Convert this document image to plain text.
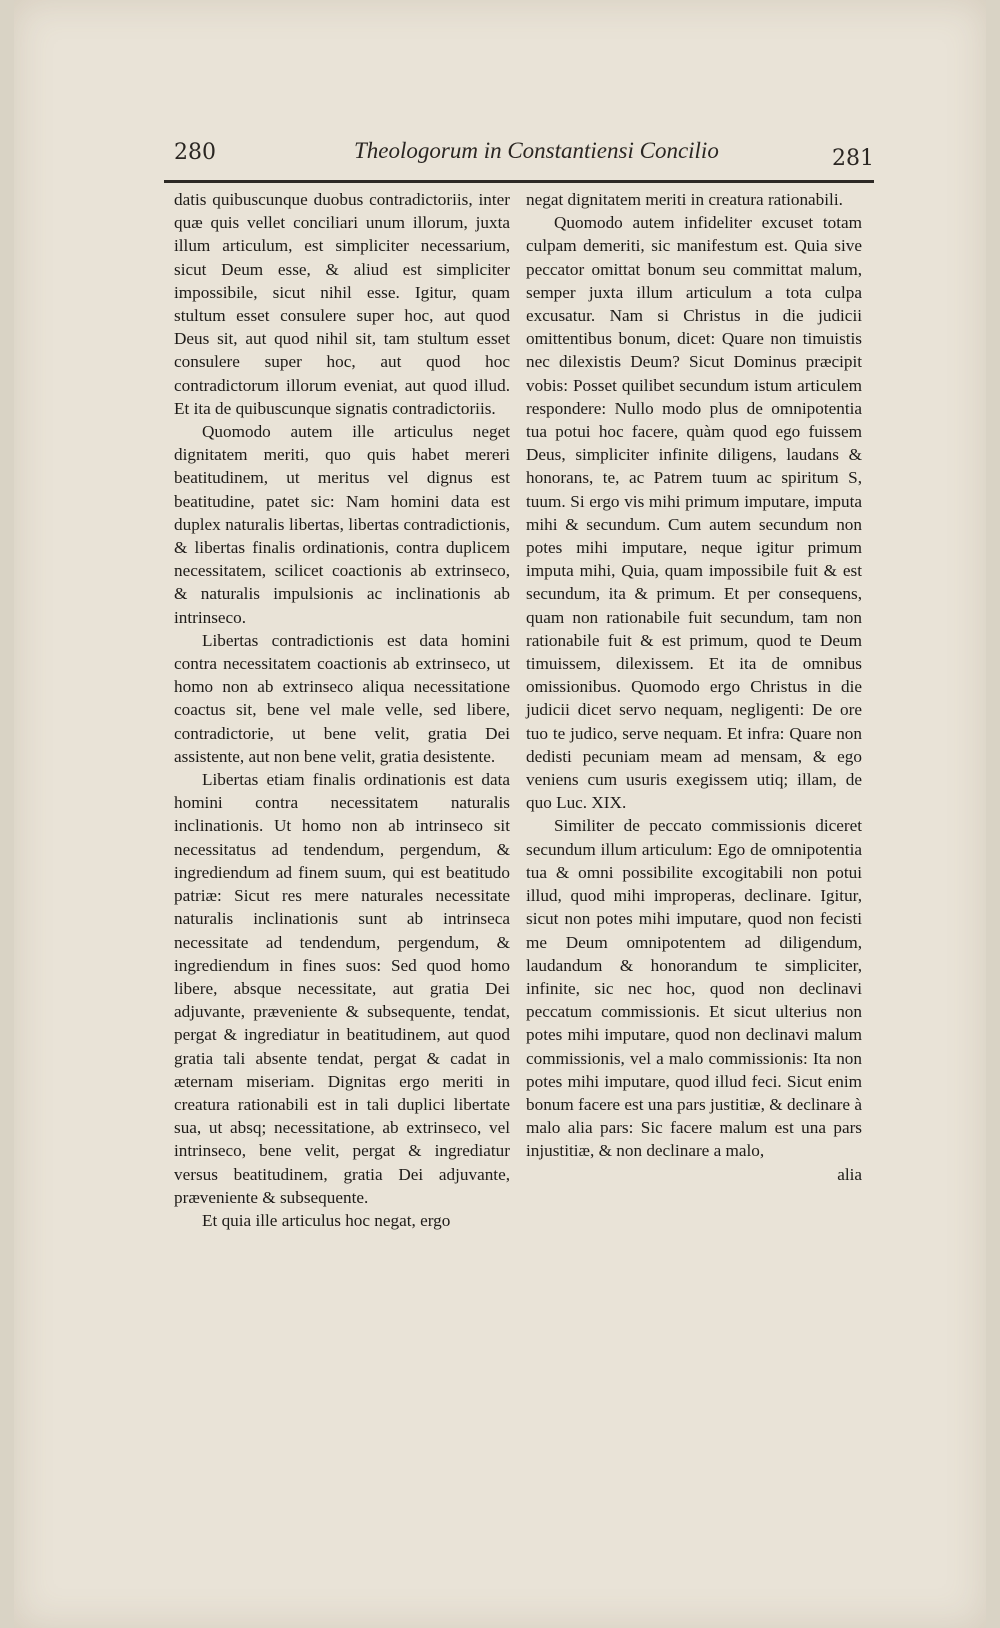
280	Theologorum in Constantiensi Concilio	281

datis quibuscunque duobus contradictoriis, inter quæ quis vellet conciliari unum illorum, juxta illum articulum, est simpliciter necessarium, sicut Deum esse, & aliud est simpliciter impossibile, sicut nihil esse. Igitur, quam stultum esset consulere super hoc, aut quod Deus sit, aut quod nihil sit, tam stultum esset consulere super hoc, aut quod hoc contradictorum illorum eveniat, aut quod illud. Et ita de quibuscunque signatis contradictoriis.

Quomodo autem ille articulus neget dignitatem meriti, quo quis habet mereri beatitudinem, ut meritus vel dignus est beatitudine, patet sic: Nam homini data est duplex naturalis libertas, libertas contradictionis, & libertas finalis ordinationis, contra duplicem necessitatem, scilicet coactionis ab extrinseco, & naturalis impulsionis ac inclinationis ab intrinseco.

Libertas contradictionis est data homini contra necessitatem coactionis ab extrinseco, ut homo non ab extrinseco aliqua necessitatione coactus sit, bene vel male velle, sed libere, contradictorie, ut bene velit, gratia Dei assistente, aut non bene velit, gratia desistente.

Libertas etiam finalis ordinationis est data homini contra necessitatem naturalis inclinationis. Ut homo non ab intrinseco sit necessitatus ad tendendum, pergendum, & ingrediendum ad finem suum, qui est beatitudo patriæ: Sicut res mere naturales necessitate naturalis inclinationis sunt ab intrinseca necessitate ad tendendum, pergendum, & ingrediendum in fines suos: Sed quod homo libere, absque necessitate, aut gratia Dei adjuvante, præveniente & subsequente, tendat, pergat & ingrediatur in beatitudinem, aut quod gratia tali absente tendat, pergat & cadat in æternam miseriam. Dignitas ergo meriti in creatura rationabili est in tali duplici libertate sua, ut absq; necessitatione, ab extrinseco, vel intrinseco, bene velit, pergat & ingrediatur versus beatitudinem, gratia Dei adjuvante, præveniente & subsequente.

Et quia ille articulus hoc negat, ergo

negat dignitatem meriti in creatura rationabili.

Quomodo autem infideliter excuset totam culpam demeriti, sic manifestum est. Quia sive peccator omittat bonum seu committat malum, semper juxta illum articulum a tota culpa excusatur. Nam si Christus in die judicii omittentibus bonum, dicet: Quare non timuistis nec dilexistis Deum? Sicut Dominus præcipit vobis: Posset quilibet secundum istum articulem respondere: Nullo modo plus de omnipotentia tua potui hoc facere, quàm quod ego fuissem Deus, simpliciter infinite diligens, laudans & honorans, te, ac Patrem tuum ac spiritum S, tuum. Si ergo vis mihi primum imputare, imputa mihi & secundum. Cum autem secundum non potes mihi imputare, neque igitur primum imputa mihi, Quia, quam impossibile fuit & est secundum, ita & primum. Et per consequens, quam non rationabile fuit secundum, tam non rationabile fuit & est primum, quod te Deum timuissem, dilexissem. Et ita de omnibus omissionibus. Quomodo ergo Christus in die judicii dicet servo nequam, negligenti: De ore tuo te judico, serve nequam. Et infra: Quare non dedisti pecuniam meam ad mensam, & ego veniens cum usuris exegissem utiq; illam, de quo Luc. XIX.

Similiter de peccato commissionis diceret secundum illum articulum: Ego de omnipotentia tua & omni possibilite excogitabili non potui illud, quod mihi improperas, declinare. Igitur, sicut non potes mihi imputare, quod non fecisti me Deum omnipotentem ad diligendum, laudandum & honorandum te simpliciter, infinite, sic nec hoc, quod non declinavi peccatum commissionis. Et sicut ulterius non potes mihi imputare, quod non declinavi malum commissionis, vel a malo commissionis: Ita non potes mihi imputare, quod illud feci. Sicut enim bonum facere est una pars justitiæ, & declinare à malo alia pars: Sic facere malum est una pars injustitiæ, & non declinare a malo,

alia
